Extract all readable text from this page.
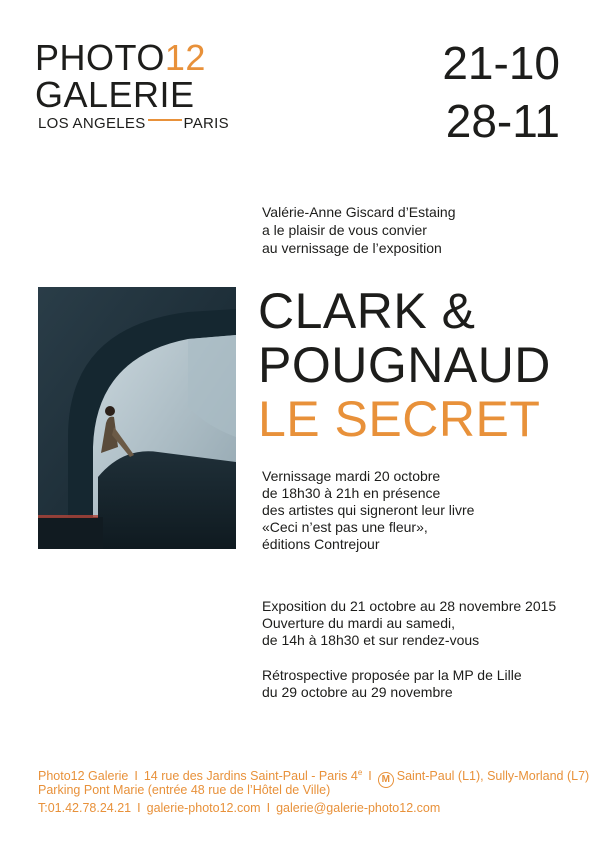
PHOTO12
GALERIE
LOS ANGELES	PARIS
21-10
28-11
Valérie-Anne Giscard d’Estaing
a le plaisir de vous convier
au vernissage de l’exposition
CLARK &
POUGNAUD
LE SECRET
Vernissage mardi 20 octobre
de 18h30 à 21h en présence
des artistes qui signeront leur livre
«Ceci n’est pas une fleur»,
éditions Contrejour
Exposition du 21 octobre au 28 novembre 2015
Ouverture du mardi au samedi,
de 14h à 18h30 et sur rendez-vous
Rétrospective proposée par la MP de Lille
du 29 octobre au 29 novembre
Photo12 Galerie I 14 rue des Jardins Saint-Paul - Paris 4e I M Saint-Paul (L1), Sully-Morland (L7)
Parking Pont Marie (entrée 48 rue de l’Hôtel de Ville)
T:01.42.78.24.21 I galerie-photo12.com I galerie@galerie-photo12.com
